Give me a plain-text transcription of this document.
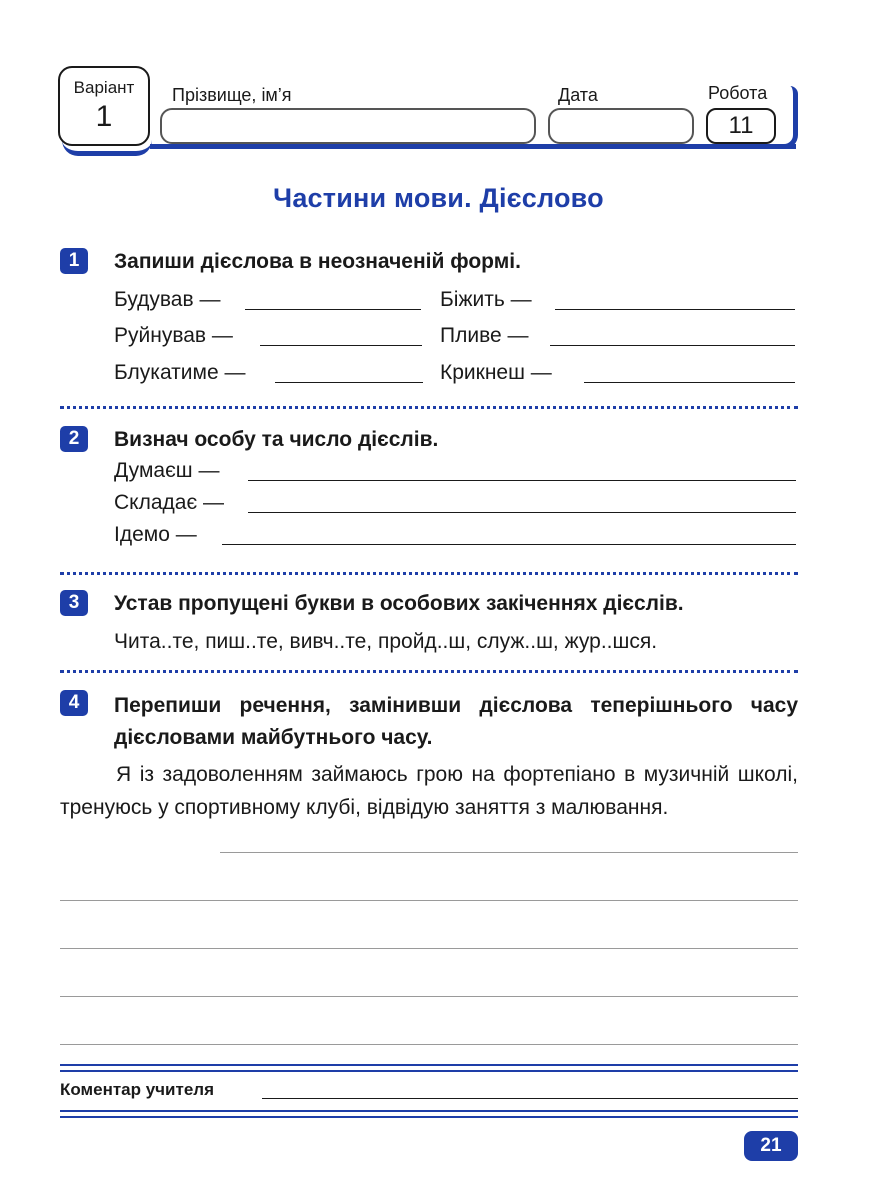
Варіант
1
Прізвище, ім’я	Дата	Робота
11
Частини мови. Дієслово
1	Запиши дієслова в неозначеній формі.
Будував —	Біжить —
Руйнував —	Пливе —
Блукатиме —	Крикнеш —
2	Визнач особу та число дієслів.
Думаєш —
Складає —
Ідемо —
3	Устав пропущені букви в особових закіченнях дієслів.
Чита..те, пиш..те, вивч..те, пройд..ш, служ..ш, жур..шся.
4	Перепиши речення, замінивши дієслова теперішнього часу дієсловами майбутнього часу.
Я із задоволенням займаюсь грою на фортепіано в музичній школі, тренуюсь у спортивному клубі, відвідую заняття з малювання.
Коментар учителя
21
